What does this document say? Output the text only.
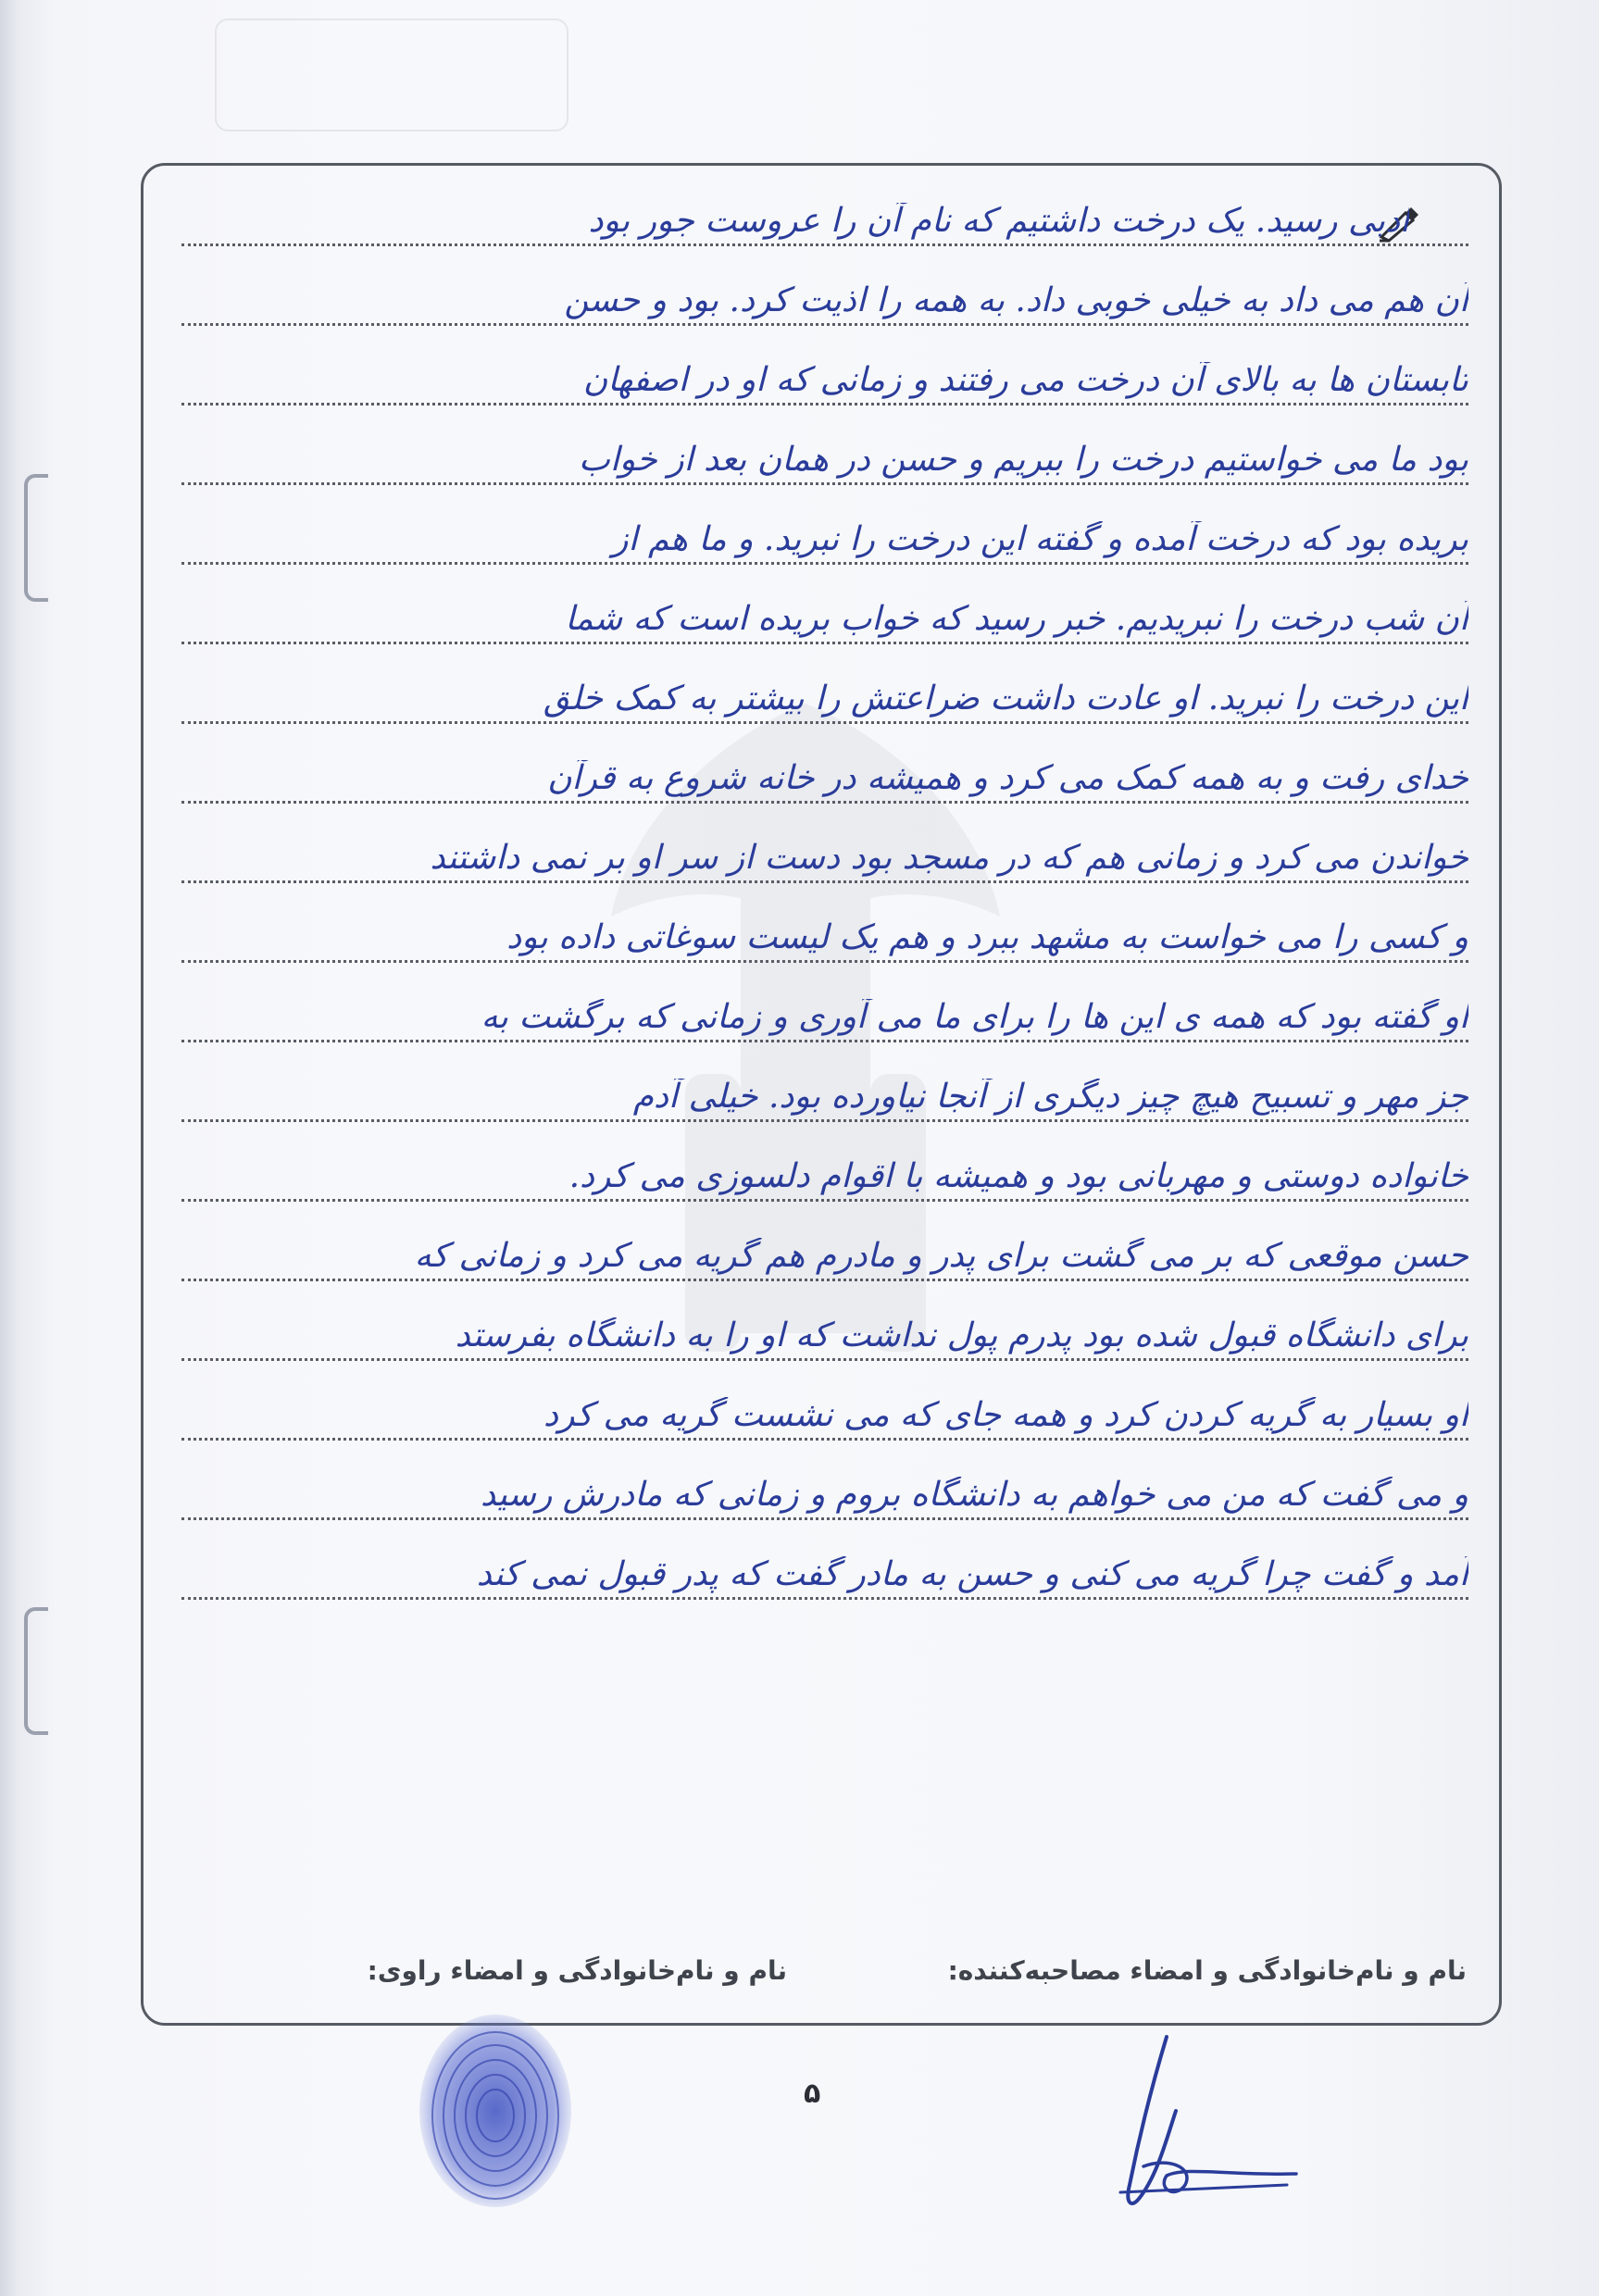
ادبی رسید. یک درخت داشتیم که نام آن را عروست جور بود
آن هم می داد به خیلی خوبی داد. به همه را اذیت کرد. بود و حسن
تابستان ها به بالای آن درخت می رفتند و زمانی که او در اصفهان
بود ما می خواستیم درخت را ببریم و حسن در همان بعد از خواب
بریده بود که درخت آمده و گفته این درخت را نبرید. و ما هم از
آن شب درخت را نبریدیم. خبر رسید که خواب بریده است که شما
این درخت را نبرید. او عادت داشت ضراعتش را بیشتر به کمک خلق
خدای رفت و به همه کمک می کرد و همیشه در خانه شروع به قرآن
خواندن می کرد و زمانی هم که در مسجد بود دست از سر او بر نمی داشتند
و کسی را می خواست به مشهد ببرد و هم یک لیست سوغاتی داده بود
او گفته بود که همه ی این ها را برای ما می آوری و زمانی که برگشت به
جز مهر و تسبیح هیچ چیز دیگری از آنجا نیاورده بود. خیلی آدم
خانواده دوستی و مهربانی بود و همیشه با اقوام دلسوزی می کرد.
حسن موقعی که بر می گشت برای پدر و مادرم هم گریه می کرد و زمانی که
برای دانشگاه قبول شده بود پدرم پول نداشت که او را به دانشگاه بفرستد
او بسیار به گریه کردن کرد و همه جای که می نشست گریه می کرد
و می گفت که من می خواهم به دانشگاه بروم و زمانی که مادرش رسید
آمد و گفت چرا گریه می کنی و حسن به مادر گفت که پدر قبول نمی کند
نام و نام‌خانوادگی و امضاء مصاحبه‌کننده:
نام و نام‌خانوادگی و امضاء راوی:
۵
